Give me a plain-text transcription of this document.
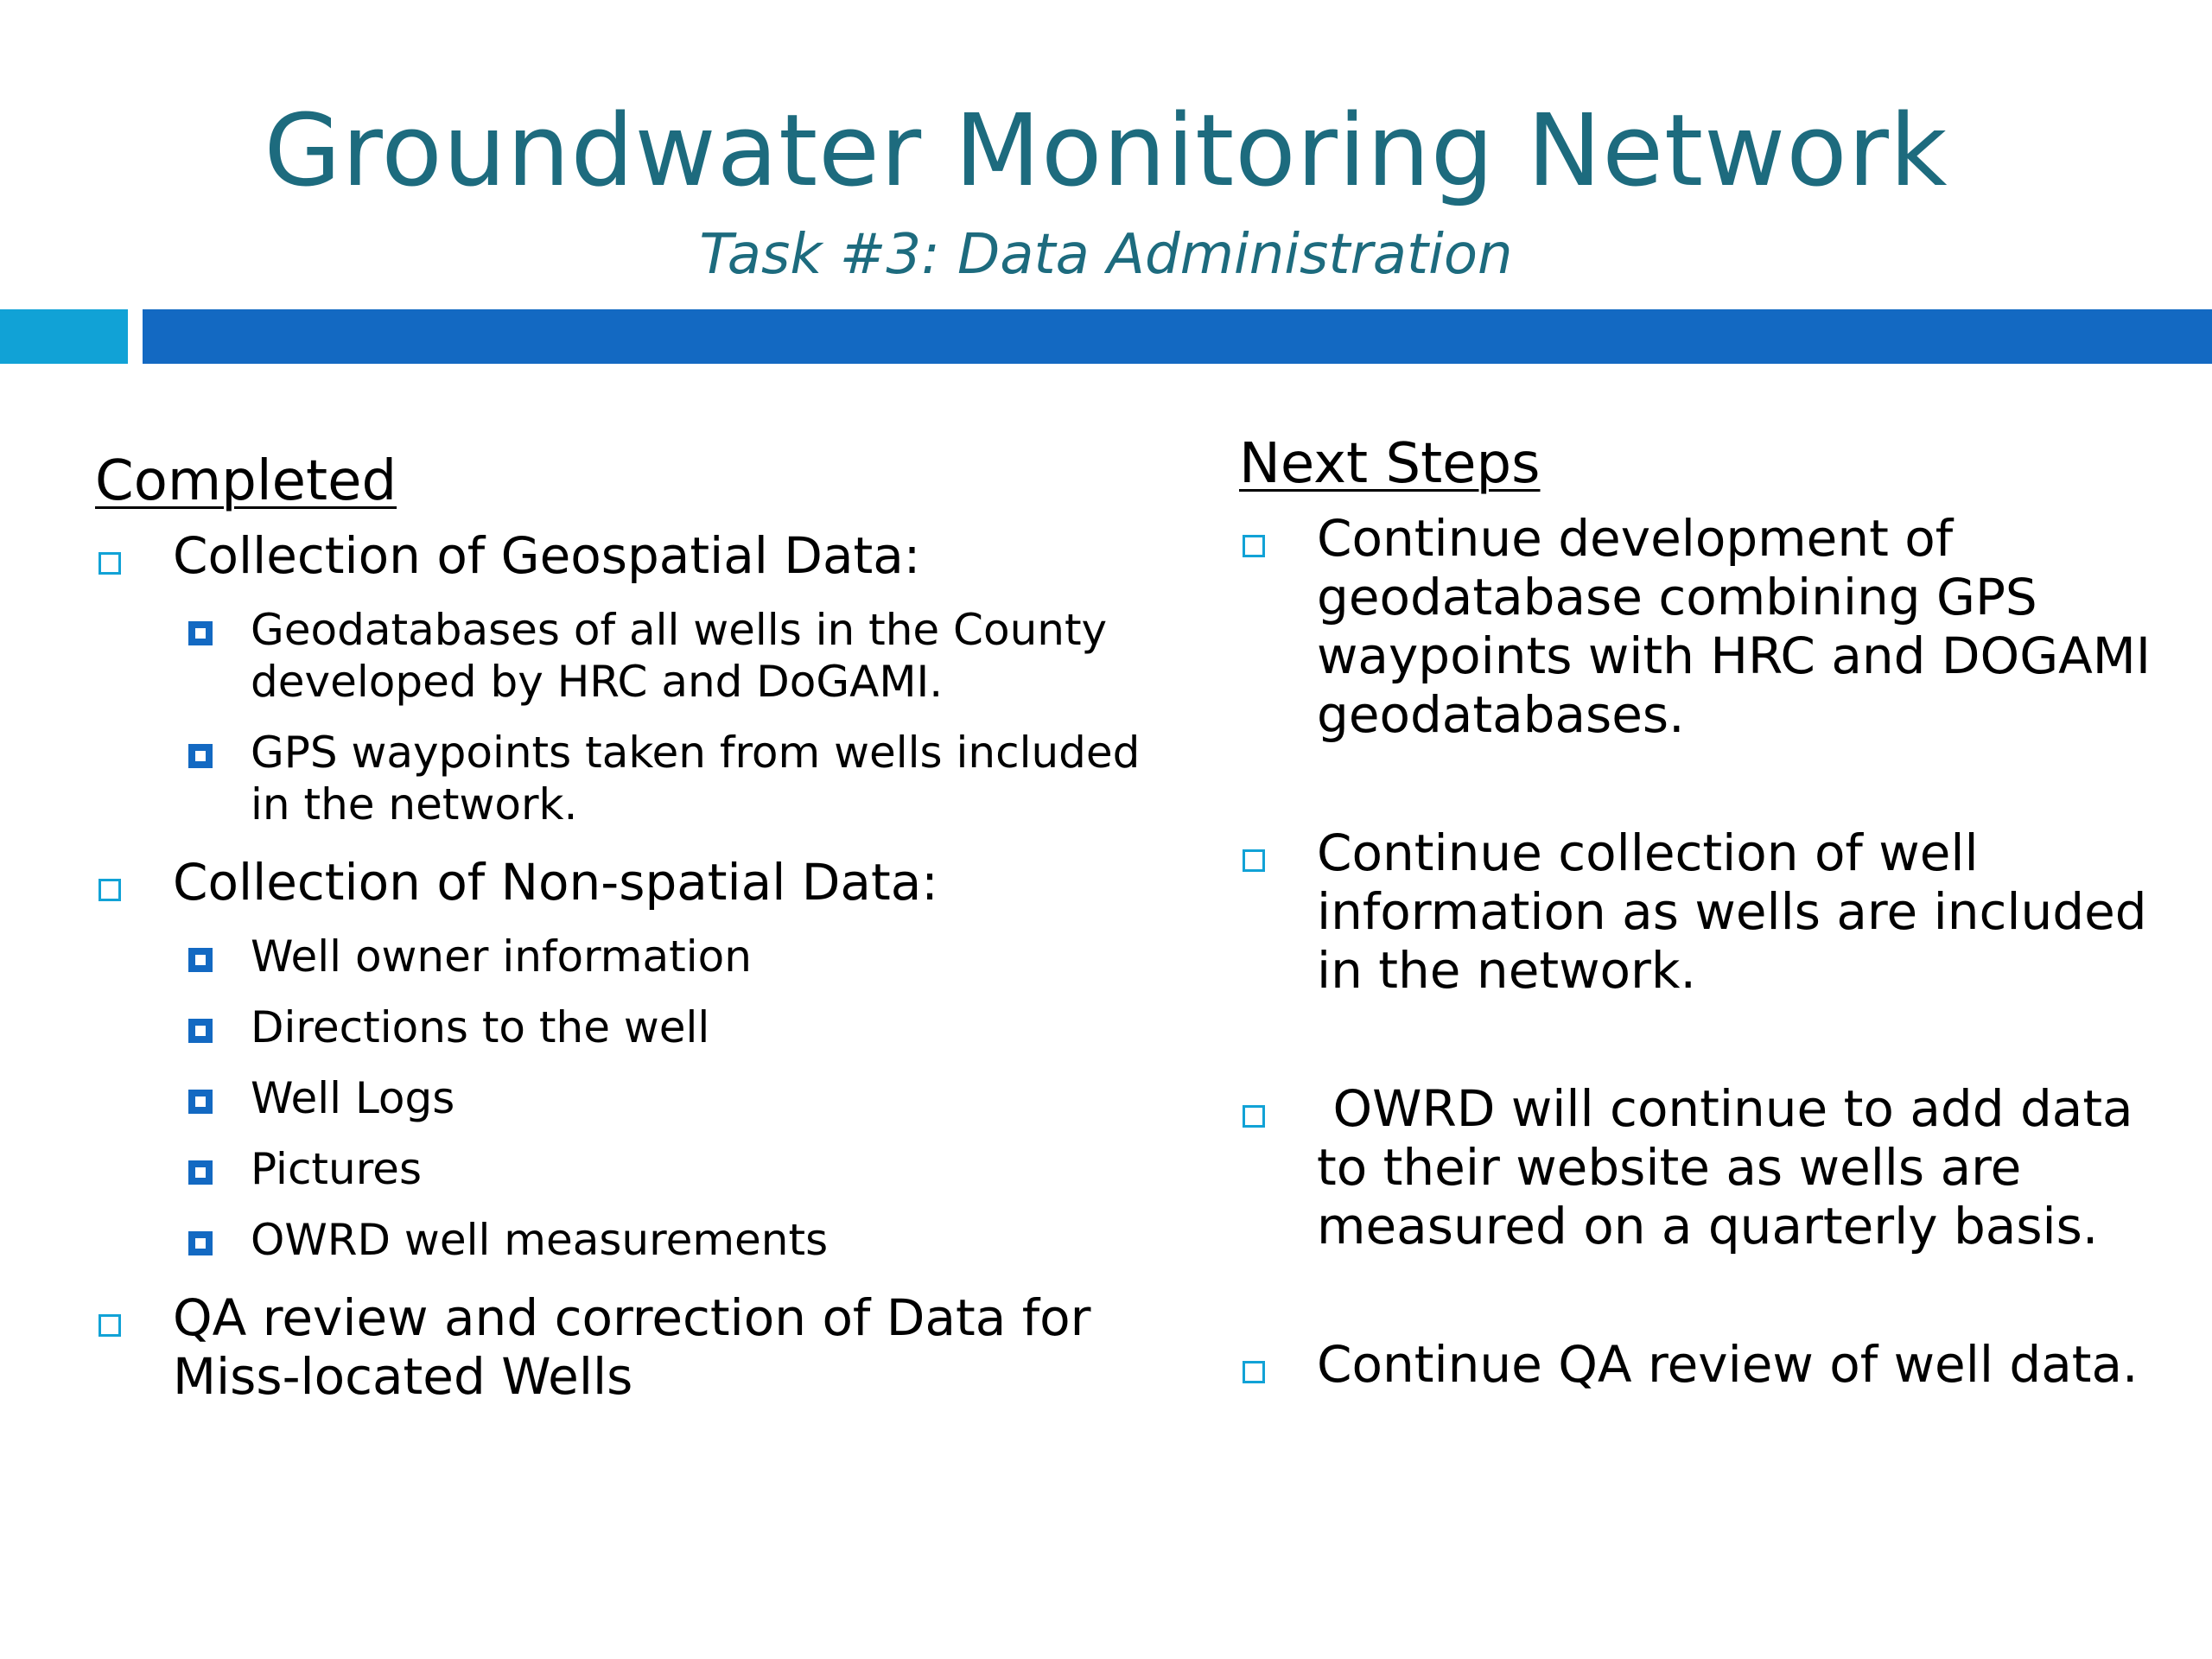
Groundwater Monitoring Network
Task #3: Data Administration
Completed
Collection of Geospatial Data:
Geodatabases of all wells in the County developed by HRC and DoGAMI.
GPS waypoints taken from wells included in the network.
Collection of Non-spatial Data:
Well owner information
Directions to the well
Well Logs
Pictures
OWRD well measurements
QA review and correction of Data for Miss-located Wells
Next Steps
Continue development of geodatabase combining GPS waypoints with HRC and DOGAMI geodatabases.
Continue collection of well information as wells are included in the network.
OWRD will continue to add data to their website as wells are measured on a quarterly basis.
Continue QA review of well data.
